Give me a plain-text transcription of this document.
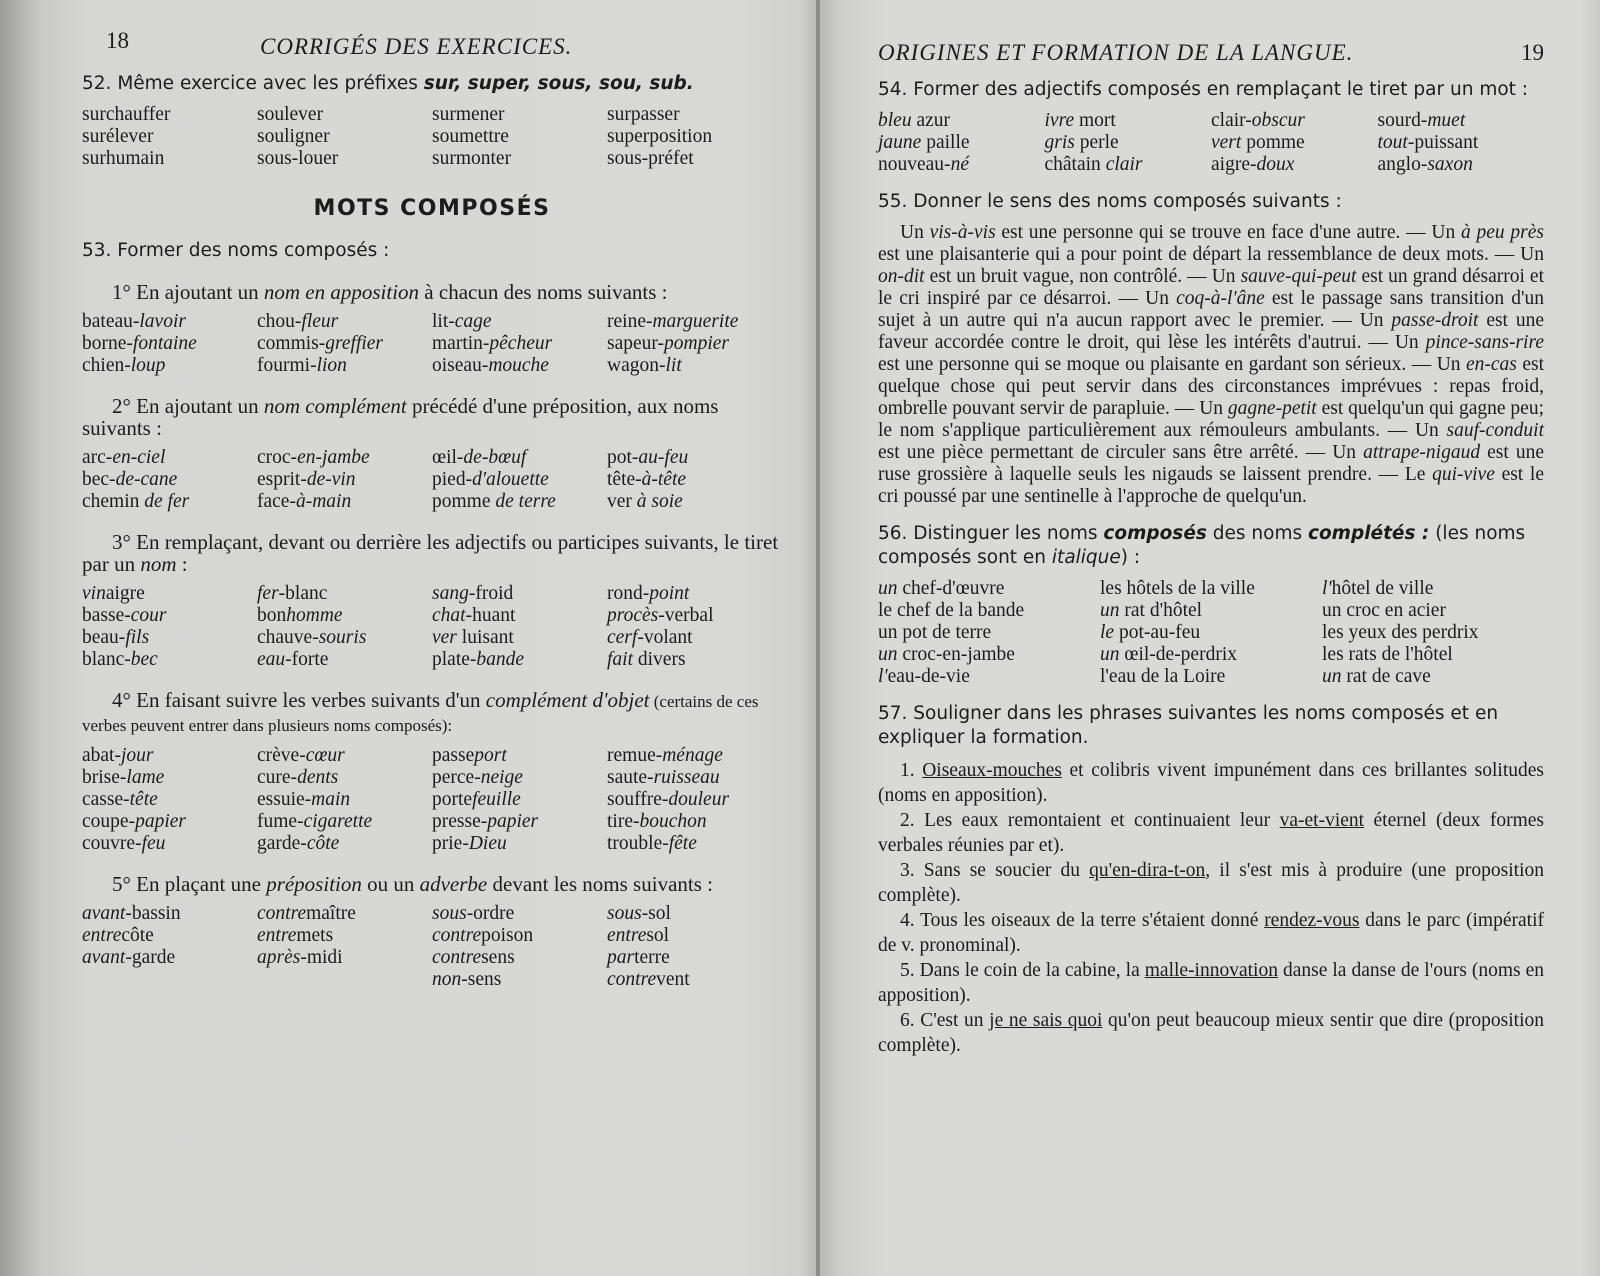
18	CORRIGÉS DES EXERCICES.
52. Même exercice avec les préfixes sur, super, sous, sou, sub.
surchauffer
surélever
surhumain
soulever
souligner
sous-louer
surmener
soumettre
surmonter
surpasser
superposition
sous-préfet
MOTS COMPOSÉS
53. Former des noms composés :
1° En ajoutant un nom en apposition à chacun des noms suivants :
bateau-lavoir
borne-fontaine
chien-loup
chou-fleur
commis-greffier
fourmi-lion
lit-cage
martin-pêcheur
oiseau-mouche
reine-marguerite
sapeur-pompier
wagon-lit
2° En ajoutant un nom complément précédé d'une préposition, aux noms suivants :
arc-en-ciel
bec-de-cane
chemin de fer
croc-en-jambe
esprit-de-vin
face-à-main
œil-de-bœuf
pied-d'alouette
pomme de terre
pot-au-feu
tête-à-tête
ver à soie
3° En remplaçant, devant ou derrière les adjectifs ou participes suivants, le tiret par un nom :
vinaigre
basse-cour
beau-fils
blanc-bec
fer-blanc
bonhomme
chauve-souris
eau-forte
sang-froid
chat-huant
ver luisant
plate-bande
rond-point
procès-verbal
cerf-volant
fait divers
4° En faisant suivre les verbes suivants d'un complément d'objet (certains de ces verbes peuvent entrer dans plusieurs noms composés):
abat-jour
brise-lame
casse-tête
coupe-papier
couvre-feu
crève-cœur
cure-dents
essuie-main
fume-cigarette
garde-côte
passeport
perce-neige
portefeuille
presse-papier
prie-Dieu
remue-ménage
saute-ruisseau
souffre-douleur
tire-bouchon
trouble-fête
5° En plaçant une préposition ou un adverbe devant les noms suivants :
avant-bassin
entrecôte
avant-garde
contremaître
entremets
après-midi
sous-ordre
contrepoison
contresens
non-sens
sous-sol
entresol
parterre
contrevent
ORIGINES ET FORMATION DE LA LANGUE.	19
54. Former des adjectifs composés en remplaçant le tiret par un mot :
bleu azur
jaune paille
nouveau-né
ivre mort
gris perle
châtain clair
clair-obscur
vert pomme
aigre-doux
sourd-muet
tout-puissant
anglo-saxon
55. Donner le sens des noms composés suivants :

Un vis-à-vis est une personne qui se trouve en face d'une autre. — Un à peu près est une plaisanterie qui a pour point de départ la ressemblance de deux mots. — Un on-dit est un bruit vague, non contrôlé. — Un sauve-qui-peut est un grand désarroi et le cri inspiré par ce désarroi. — Un coq-à-l'âne est le passage sans transition d'un sujet à un autre qui n'a aucun rapport avec le premier. — Un passe-droit est une faveur accordée contre le droit, qui lèse les intérêts d'autrui. — Un pince-sans-rire est une personne qui se moque ou plaisante en gardant son sérieux. — Un en-cas est quelque chose qui peut servir dans des circonstances imprévues : repas froid, ombrelle pouvant servir de parapluie. — Un gagne-petit est quelqu'un qui gagne peu; le nom s'applique particulièrement aux rémouleurs ambulants. — Un sauf-conduit est une pièce permettant de circuler sans être arrêté. — Un attrape-nigaud est une ruse grossière à laquelle seuls les nigauds se laissent prendre. — Le qui-vive est le cri poussé par une sentinelle à l'approche de quelqu'un.

56. Distinguer les noms composés des noms complétés : (les noms composés sont en italique) :
un chef-d'œuvre
le chef de la bande
un pot de terre
un croc-en-jambe
l'eau-de-vie
les hôtels de la ville
un rat d'hôtel
le pot-au-feu
un œil-de-perdrix
l'eau de la Loire
l'hôtel de ville
un croc en acier
les yeux des perdrix
les rats de l'hôtel
un rat de cave
57. Souligner dans les phrases suivantes les noms composés et en expliquer la formation.

1. Oiseaux-mouches et colibris vivent impunément dans ces brillantes solitudes (noms en apposition).

2. Les eaux remontaient et continuaient leur va-et-vient éternel (deux formes verbales réunies par et).

3. Sans se soucier du qu'en-dira-t-on, il s'est mis à produire (une proposition complète).

4. Tous les oiseaux de la terre s'étaient donné rendez-vous dans le parc (impératif de v. pronominal).

5. Dans le coin de la cabine, la malle-innovation danse la danse de l'ours (noms en apposition).

6. C'est un je ne sais quoi qu'on peut beaucoup mieux sentir que dire (proposition complète).
